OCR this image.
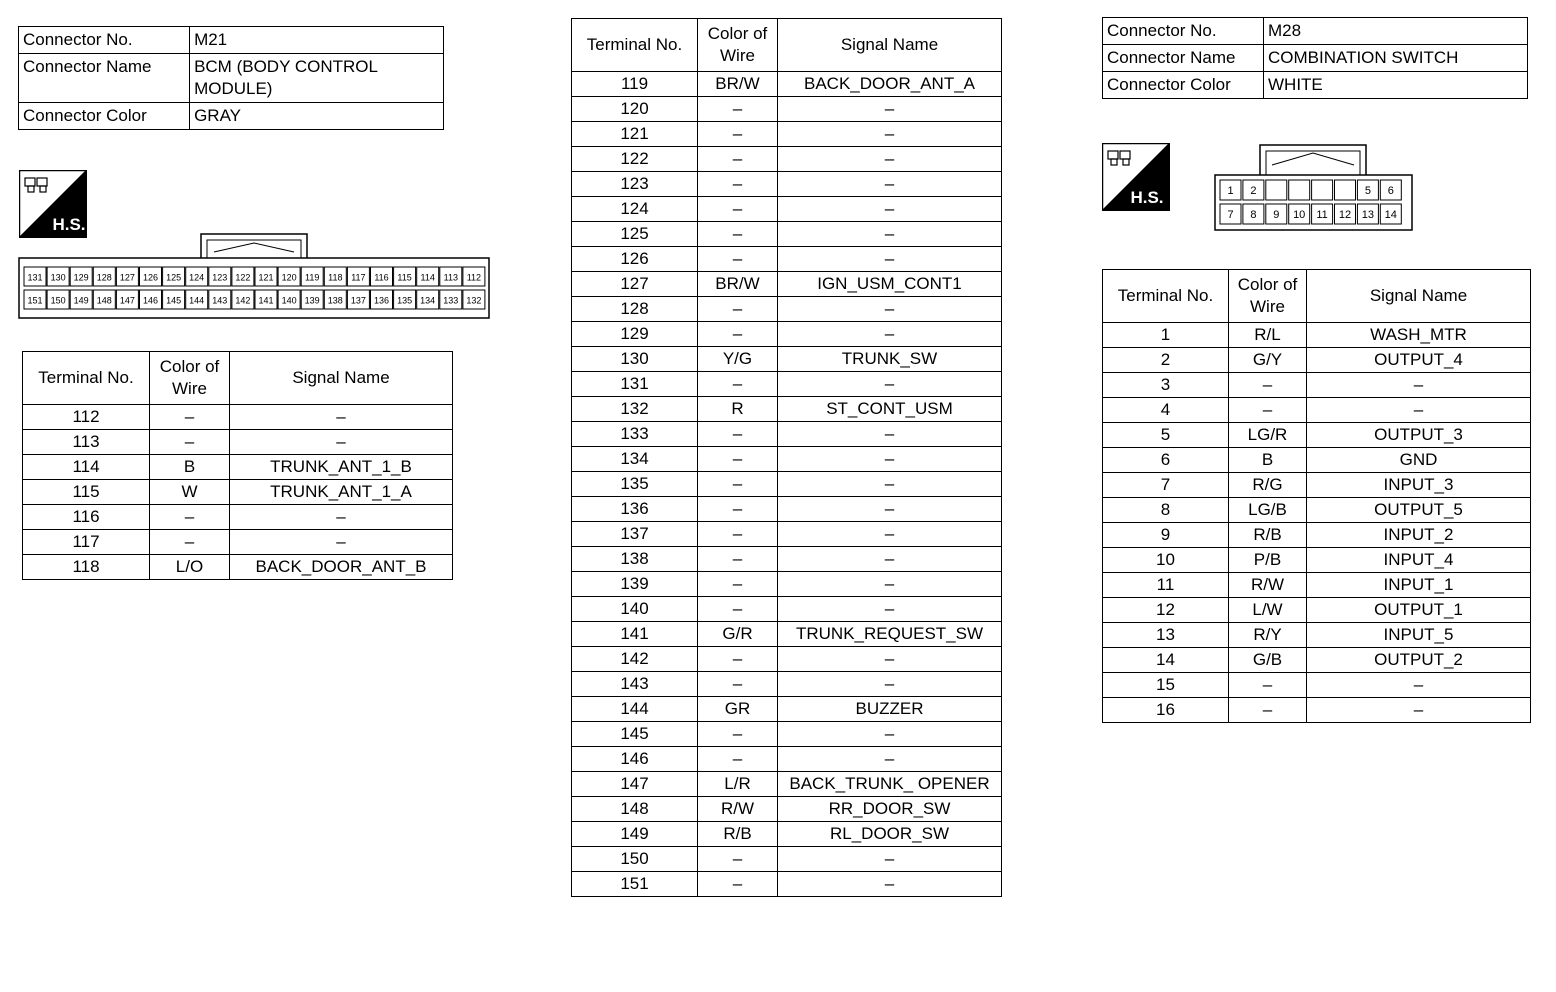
Connector No.	M21
Connector Name	BCM (BODY CONTROL MODULE)
Connector Color	GRAY
H.S.
131 130 129 128 127 126 125 124 123 122 121 120 119 118 117 116 115 114 113 112
151 150 149 148 147 146 145 144 143 142 141 140 139 138 137 136 135 134 133 132
Terminal No.	Color of Wire	Signal Name
112	–	–
113	–	–
114	B	TRUNK_ANT_1_B
115	W	TRUNK_ANT_1_A
116	–	–
117	–	–
118	L/O	BACK_DOOR_ANT_B
Terminal No.	Color of Wire	Signal Name
119	BR/W	BACK_DOOR_ANT_A
120	–	–
121	–	–
122	–	–
123	–	–
124	–	–
125	–	–
126	–	–
127	BR/W	IGN_USM_CONT1
128	–	–
129	–	–
130	Y/G	TRUNK_SW
131	–	–
132	R	ST_CONT_USM
133	–	–
134	–	–
135	–	–
136	–	–
137	–	–
138	–	–
139	–	–
140	–	–
141	G/R	TRUNK_REQUEST_SW
142	–	–
143	–	–
144	GR	BUZZER
145	–	–
146	–	–
147	L/R	BACK_TRUNK_ OPENER
148	R/W	RR_DOOR_SW
149	R/B	RL_DOOR_SW
150	–	–
151	–	–
Connector No.	M28
Connector Name	COMBINATION SWITCH
Connector Color	WHITE
H.S.	1 2	5 6
7 8 9 10 11 12 13 14
Terminal No.	Color of Wire	Signal Name
1	R/L	WASH_MTR
2	G/Y	OUTPUT_4
3	–	–
4	–	–
5	LG/R	OUTPUT_3
6	B	GND
7	R/G	INPUT_3
8	LG/B	OUTPUT_5
9	R/B	INPUT_2
10	P/B	INPUT_4
11	R/W	INPUT_1
12	L/W	OUTPUT_1
13	R/Y	INPUT_5
14	G/B	OUTPUT_2
15	–	–
16	–	–
